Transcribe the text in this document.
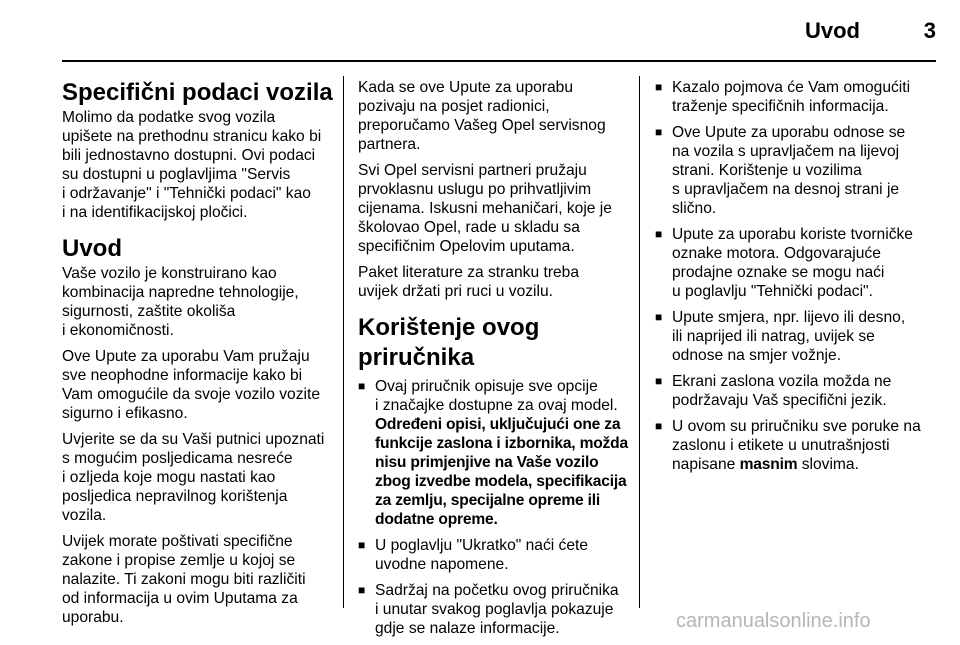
Uvod	3
Specifični podaci vozila

Molimo da podatke svog vozila
upišete na prethodnu stranicu kako bi
bili jednostavno dostupni. Ovi podaci
su dostupni u poglavljima "Servis
i održavanje" i "Tehnički podaci" kao
i na identifikacijskoj pločici.

Uvod

Vaše vozilo je konstruirano kao
kombinacija napredne tehnologije,
sigurnosti, zaštite okoliša
i ekonomičnosti.

Ove Upute za uporabu Vam pružaju
sve neophodne informacije kako bi
Vam omogućile da svoje vozilo vozite
sigurno i efikasno.

Uvjerite se da su Vaši putnici upoznati
s mogućim posljedicama nesreće
i ozljeda koje mogu nastati kao
posljedica nepravilnog korištenja
vozila.

Uvijek morate poštivati specifične
zakone i propise zemlje u kojoj se
nalazite. Ti zakoni mogu biti različiti
od informacija u ovim Uputama za
uporabu.

Kada se ove Upute za uporabu
pozivaju na posjet radionici,
preporučamo Vašeg Opel servisnog
partnera.

Svi Opel servisni partneri pružaju
prvoklasnu uslugu po prihvatljivim
cijenama. Iskusni mehaničari, koje je
školovao Opel, rade u skladu sa
specifičnim Opelovim uputama.

Paket literature za stranku treba
uvijek držati pri ruci u vozilu.

Korištenje ovog priručnika
■ Ovaj priručnik opisuje sve opcije
i značajke dostupne za ovaj model.
Određeni opisi, uključujući one za
funkcije zaslona i izbornika, možda
nisu primjenjive na Vaše vozilo
zbog izvedbe modela, specifikacija
za zemlju, specijalne opreme ili
dodatne opreme.
■ U poglavlju "Ukratko" naći ćete
uvodne napomene.
■ Sadržaj na početku ovog priručnika
i unutar svakog poglavlja pokazuje
gdje se nalaze informacije.
■ Kazalo pojmova će Vam omogućiti
traženje specifičnih informacija.
■ Ove Upute za uporabu odnose se
na vozila s upravljačem na lijevoj
strani. Korištenje u vozilima
s upravljačem na desnoj strani je
slično.
■ Upute za uporabu koriste tvorničke
oznake motora. Odgovarajuće
prodajne oznake se mogu naći
u poglavlju "Tehnički podaci".
■ Upute smjera, npr. lijevo ili desno,
ili naprijed ili natrag, uvijek se
odnose na smjer vožnje.
■ Ekrani zaslona vozila možda ne
podržavaju Vaš specifični jezik.
■ U ovom su priručniku sve poruke na
zaslonu i etikete u unutrašnjosti
napisane masnim slovima.
carmanualsonline.info
